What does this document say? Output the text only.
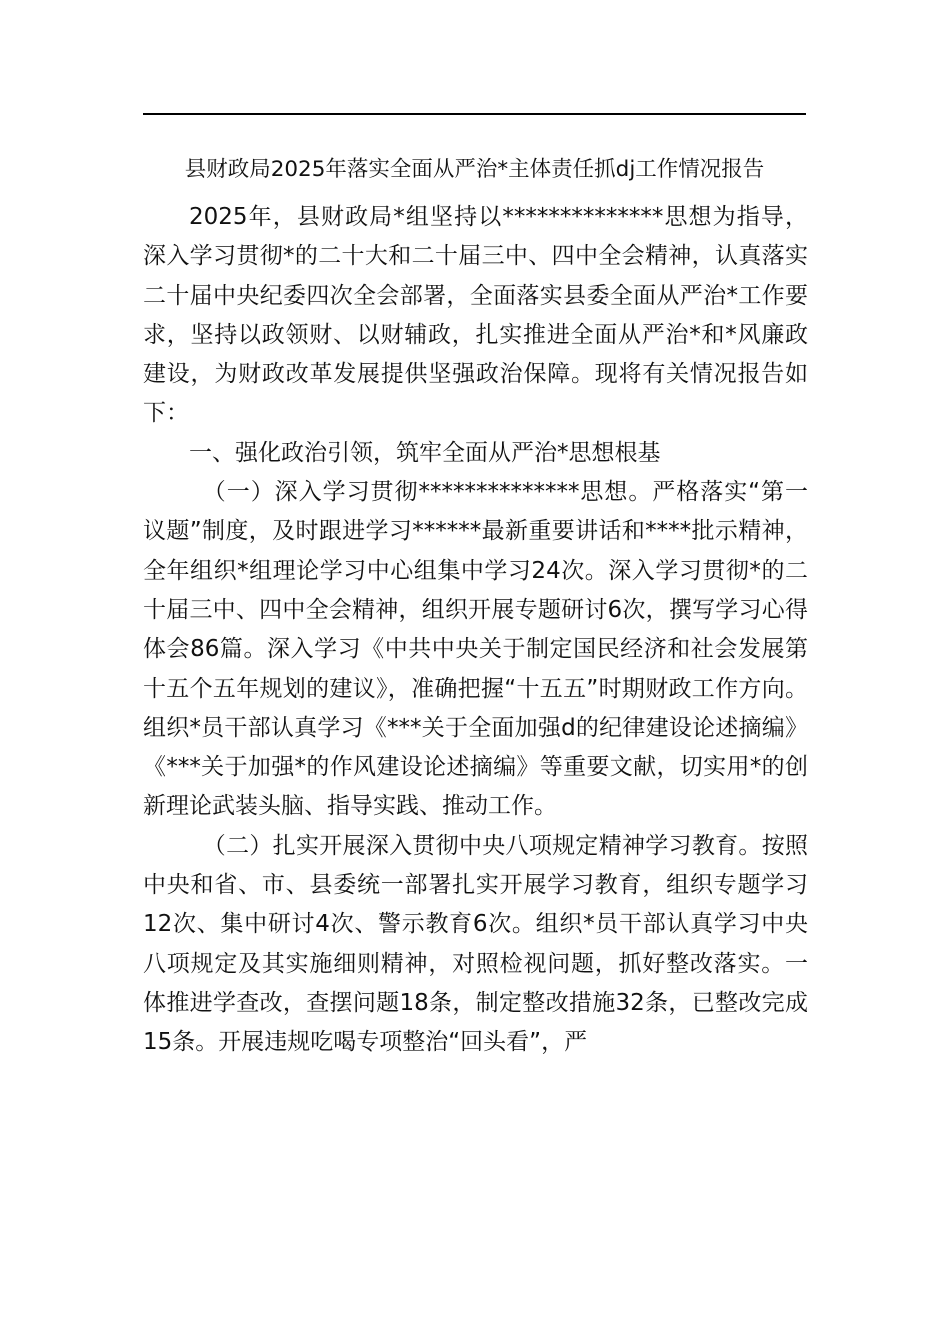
县财政局2025年落实全面从严治*主体责任抓dj工作情况报告

2025年，县财政局*组坚持以**************思想为指导，深入学习贯彻*的二十大和二十届三中、四中全会精神，认真落实二十届中央纪委四次全会部署，全面落实县委全面从严治*工作要求，坚持以政领财、以财辅政，扎实推进全面从严治*和*风廉政建设，为财政改革发展提供坚强政治保障。现将有关情况报告如下：

一、强化政治引领，筑牢全面从严治*思想根基

（一）深入学习贯彻**************思想。严格落实“第一议题”制度，及时跟进学习******最新重要讲话和****批示精神，全年组织*组理论学习中心组集中学习24次。深入学习贯彻*的二十届三中、四中全会精神，组织开展专题研讨6次，撰写学习心得体会86篇。深入学习《中共中央关于制定国民经济和社会发展第十五个五年规划的建议》，准确把握“十五五”时期财政工作方向。组织*员干部认真学习《***关于全面加强d的纪律建设论述摘编》《***关于加强*的作风建设论述摘编》等重要文献，切实用*的创新理论武装头脑、指导实践、推动工作。

（二）扎实开展深入贯彻中央八项规定精神学习教育。按照中央和省、市、县委统一部署扎实开展学习教育，组织专题学习12次、集中研讨4次、警示教育6次。组织*员干部认真学习中央八项规定及其实施细则精神，对照检视问题，抓好整改落实。一体推进学查改，查摆问题18条，制定整改措施32条，已整改完成15条。开展违规吃喝专项整治“回头看”，严
